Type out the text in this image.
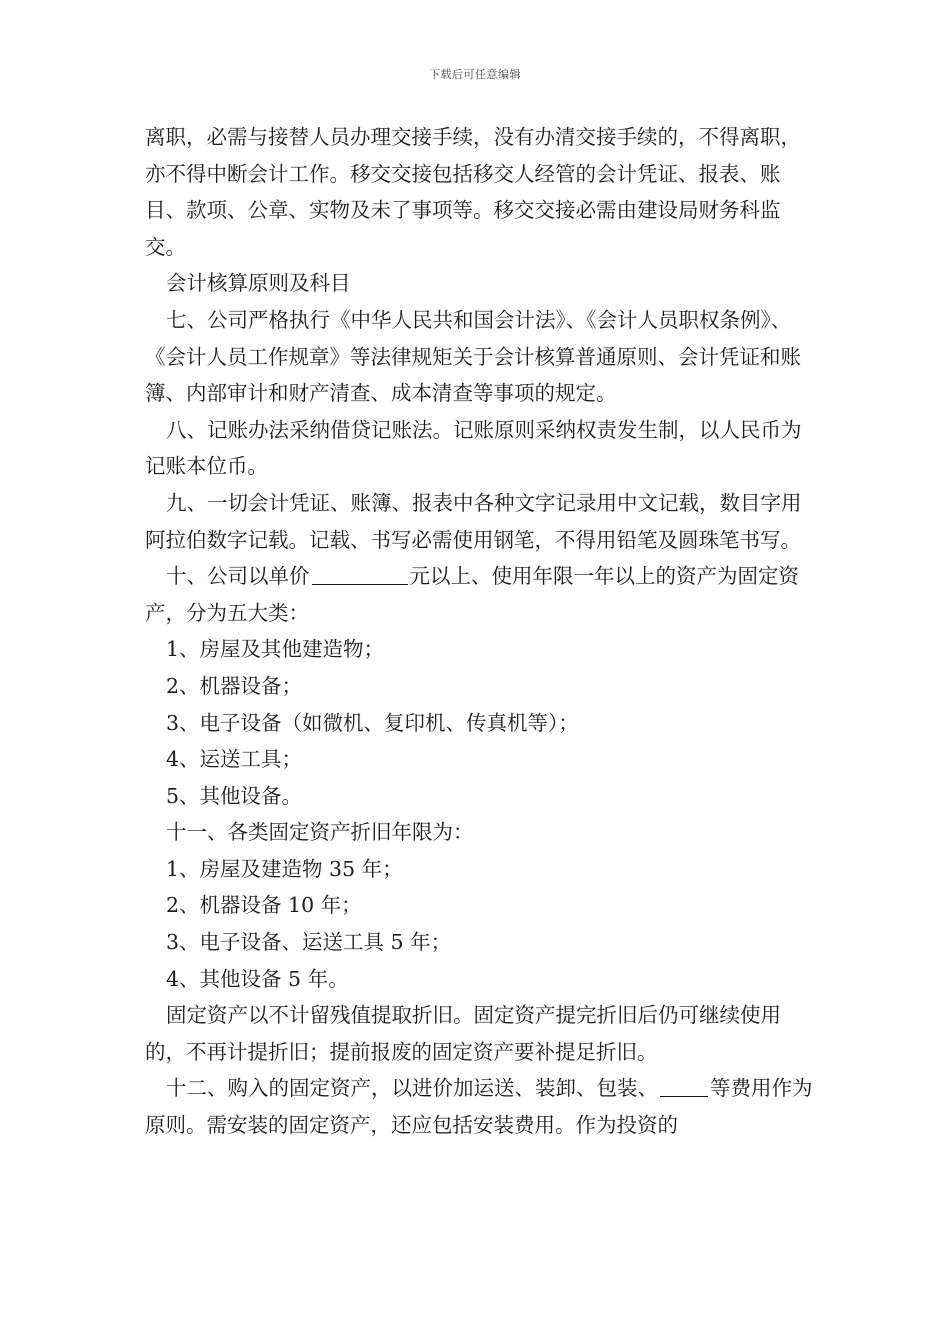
下载后可任意编辑

离职，必需与接替人员办理交接手续，没有办清交接手续的，不得离职，亦不得中断会计工作。移交交接包括移交人经管的会计凭证、报表、账目、款项、公章、实物及未了事项等。移交交接必需由建设局财务科监交。

会计核算原则及科目

七、公司严格执行《中华人民共和国会计法》、《会计人员职权条例》、《会计人员工作规章》等法律规矩关于会计核算普通原则、会计凭证和账簿、内部审计和财产清查、成本清查等事项的规定。

八、记账办法采纳借贷记账法。记账原则采纳权责发生制，以人民币为记账本位币。

九、一切会计凭证、账簿、报表中各种文字记录用中文记载，数目字用阿拉伯数字记载。记载、书写必需使用钢笔，不得用铅笔及圆珠笔书写。

十、公司以单价	元以上、使用年限一年以上的资产为固定资产，分为五大类：

1、房屋及其他建造物；

2、机器设备；

3、电子设备（如微机、复印机、传真机等）；

4、运送工具；

5、其他设备。

十一、各类固定资产折旧年限为：

1、房屋及建造物 35 年；

2、机器设备 10 年；

3、电子设备、运送工具 5 年；

4、其他设备 5 年。

固定资产以不计留残值提取折旧。固定资产提完折旧后仍可继续使用的，不再计提折旧；提前报废的固定资产要补提足折旧。

十二、购入的固定资产，以进价加运送、装卸、包装、	等费用作为原则。需安装的固定资产，还应包括安装费用。作为投资的
